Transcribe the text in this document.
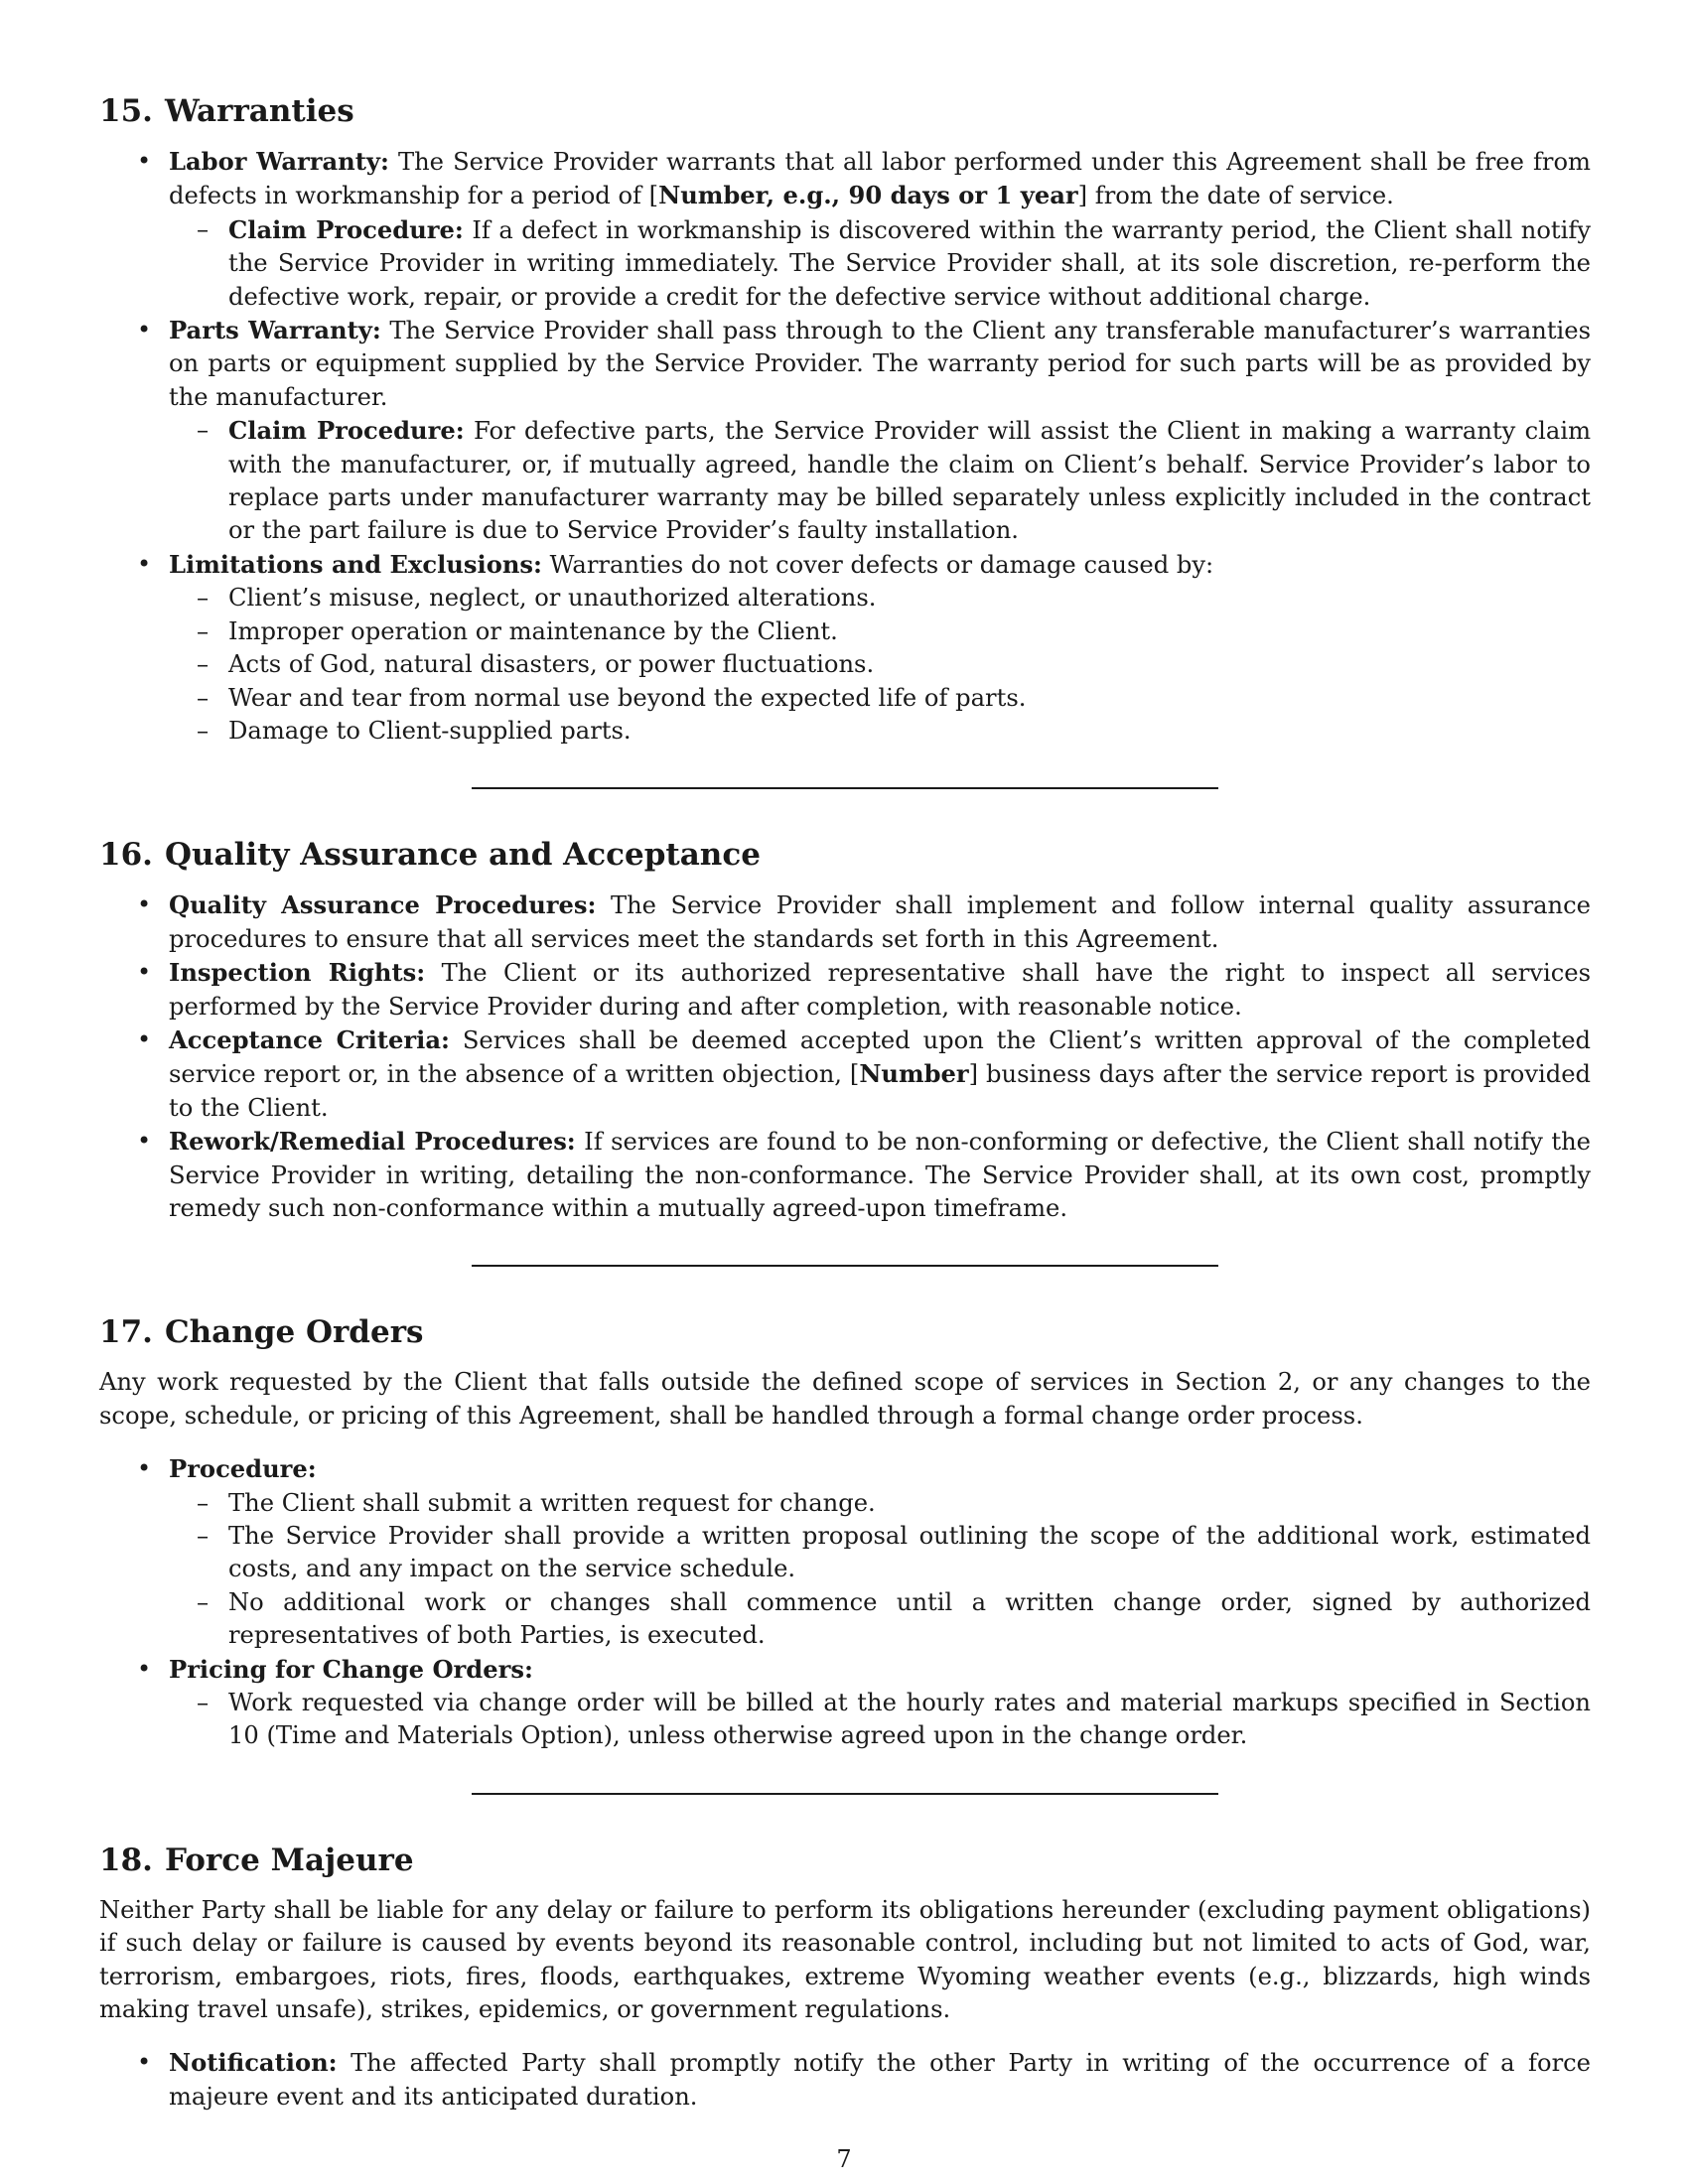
15. Warranties
• Labor Warranty: The Service Provider warrants that all labor performed under this Agreement shall be free from defects in workmanship for a period of [Number, e.g., 90 days or 1 year] from the date of service.
– Claim Procedure: If a defect in workmanship is discovered within the warranty period, the Client shall notify the Service Provider in writing immediately. The Service Provider shall, at its sole discretion, re-perform the defective work, repair, or provide a credit for the defective service without additional charge.
• Parts Warranty: The Service Provider shall pass through to the Client any transferable manufacturer’s warranties on parts or equipment supplied by the Service Provider. The warranty period for such parts will be as provided by the manufacturer.
– Claim Procedure: For defective parts, the Service Provider will assist the Client in making a warranty claim with the manufacturer, or, if mutually agreed, handle the claim on Client’s behalf. Service Provider’s labor to replace parts under manufacturer warranty may be billed separately unless explicitly included in the contract or the part failure is due to Service Provider’s faulty installation.
• Limitations and Exclusions: Warranties do not cover defects or damage caused by:
– Client’s misuse, neglect, or unauthorized alterations.
– Improper operation or maintenance by the Client.
– Acts of God, natural disasters, or power fluctuations.
– Wear and tear from normal use beyond the expected life of parts.
– Damage to Client-supplied parts.
16. Quality Assurance and Acceptance
• Quality Assurance Procedures: The Service Provider shall implement and follow internal quality assurance procedures to ensure that all services meet the standards set forth in this Agreement.
• Inspection Rights: The Client or its authorized representative shall have the right to inspect all services performed by the Service Provider during and after completion, with reasonable notice.
• Acceptance Criteria: Services shall be deemed accepted upon the Client’s written approval of the completed service report or, in the absence of a written objection, [Number] business days after the service report is provided to the Client.
• Rework/Remedial Procedures: If services are found to be non-conforming or defective, the Client shall notify the Service Provider in writing, detailing the non-conformance. The Service Provider shall, at its own cost, promptly remedy such non-conformance within a mutually agreed-upon timeframe.
17. Change Orders

Any work requested by the Client that falls outside the defined scope of services in Section 2, or any changes to the scope, schedule, or pricing of this Agreement, shall be handled through a formal change order process.

• Procedure:
– The Client shall submit a written request for change.
– The Service Provider shall provide a written proposal outlining the scope of the additional work, estimated costs, and any impact on the service schedule.
– No additional work or changes shall commence until a written change order, signed by authorized representatives of both Parties, is executed.
• Pricing for Change Orders:
– Work requested via change order will be billed at the hourly rates and material markups specified in Section 10 (Time and Materials Option), unless otherwise agreed upon in the change order.
18. Force Majeure

Neither Party shall be liable for any delay or failure to perform its obligations hereunder (excluding payment obligations) if such delay or failure is caused by events beyond its reasonable control, including but not limited to acts of God, war, terrorism, embargoes, riots, fires, floods, earthquakes, extreme Wyoming weather events (e.g., blizzards, high winds making travel unsafe), strikes, epidemics, or government regulations.

• Notification: The affected Party shall promptly notify the other Party in writing of the occurrence of a force majeure event and its anticipated duration.
7
